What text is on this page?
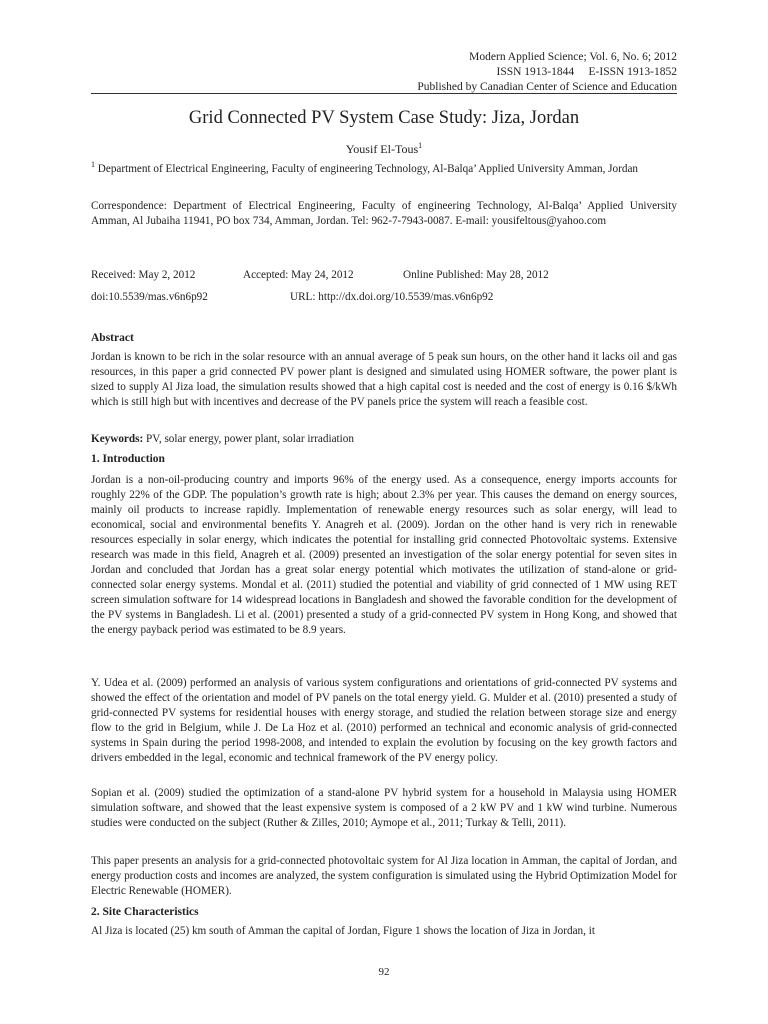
Modern Applied Science; Vol. 6, No. 6; 2012
ISSN 1913-1844     E-ISSN 1913-1852
Published by Canadian Center of Science and Education
Grid Connected PV System Case Study: Jiza, Jordan
Yousif El-Tous$^1$
$^1$ Department of Electrical Engineering, Faculty of engineering Technology, Al-Balqa’ Applied University Amman, Jordan
Correspondence: Department of Electrical Engineering, Faculty of engineering Technology, Al-Balqa’ Applied University Amman, Al Jubaiha 11941, PO box 734, Amman, Jordan. Tel: 962-7-7943-0087. E-mail: yousifeltous@yahoo.com
Received: May 2, 2012	Accepted: May 24, 2012	Online Published: May 28, 2012
doi:10.5539/mas.v6n6p92	URL: http://dx.doi.org/10.5539/mas.v6n6p92
Abstract
Jordan is known to be rich in the solar resource with an annual average of 5 peak sun hours, on the other hand it lacks oil and gas resources, in this paper a grid connected PV power plant is designed and simulated using HOMER software, the power plant is sized to supply Al Jiza load, the simulation results showed that a high capital cost is needed and the cost of energy is 0.16 $/kWh which is still high but with incentives and decrease of the PV panels price the system will reach a feasible cost.
Keywords: PV, solar energy, power plant, solar irradiation
1. Introduction
Jordan is a non-oil-producing country and imports 96% of the energy used. As a consequence, energy imports accounts for roughly 22% of the GDP. The population’s growth rate is high; about 2.3% per year. This causes the demand on energy sources, mainly oil products to increase rapidly. Implementation of renewable energy resources such as solar energy, will lead to economical, social and environmental benefits Y. Anagreh et al. (2009). Jordan on the other hand is very rich in renewable resources especially in solar energy, which indicates the potential for installing grid connected Photovoltaic systems. Extensive research was made in this field, Anagreh et al. (2009) presented an investigation of the solar energy potential for seven sites in Jordan and concluded that Jordan has a great solar energy potential which motivates the utilization of stand-alone or grid-connected solar energy systems. Mondal et al. (2011) studied the potential and viability of grid connected of 1 MW using RET screen simulation software for 14 widespread locations in Bangladesh and showed the favorable condition for the development of the PV systems in Bangladesh. Li et al. (2001) presented a study of a grid-connected PV system in Hong Kong, and showed that the energy payback period was estimated to be 8.9 years.
Y. Udea et al. (2009) performed an analysis of various system configurations and orientations of grid-connected PV systems and showed the effect of the orientation and model of PV panels on the total energy yield. G. Mulder et al. (2010) presented a study of grid-connected PV systems for residential houses with energy storage, and studied the relation between storage size and energy flow to the grid in Belgium, while J. De La Hoz et al. (2010) performed an technical and economic analysis of grid-connected systems in Spain during the period 1998-2008, and intended to explain the evolution by focusing on the key growth factors and drivers embedded in the legal, economic and technical framework of the PV energy policy.
Sopian et al. (2009) studied the optimization of a stand-alone PV hybrid system for a household in Malaysia using HOMER simulation software, and showed that the least expensive system is composed of a 2 kW PV and 1 kW wind turbine. Numerous studies were conducted on the subject (Ruther & Zilles, 2010; Aymope et al., 2011; Turkay & Telli, 2011).
This paper presents an analysis for a grid-connected photovoltaic system for Al Jiza location in Amman, the capital of Jordan, and energy production costs and incomes are analyzed, the system configuration is simulated using the Hybrid Optimization Model for Electric Renewable (HOMER).
2. Site Characteristics
Al Jiza is located (25) km south of Amman the capital of Jordan, Figure 1 shows the location of Jiza in Jordan, it
92
